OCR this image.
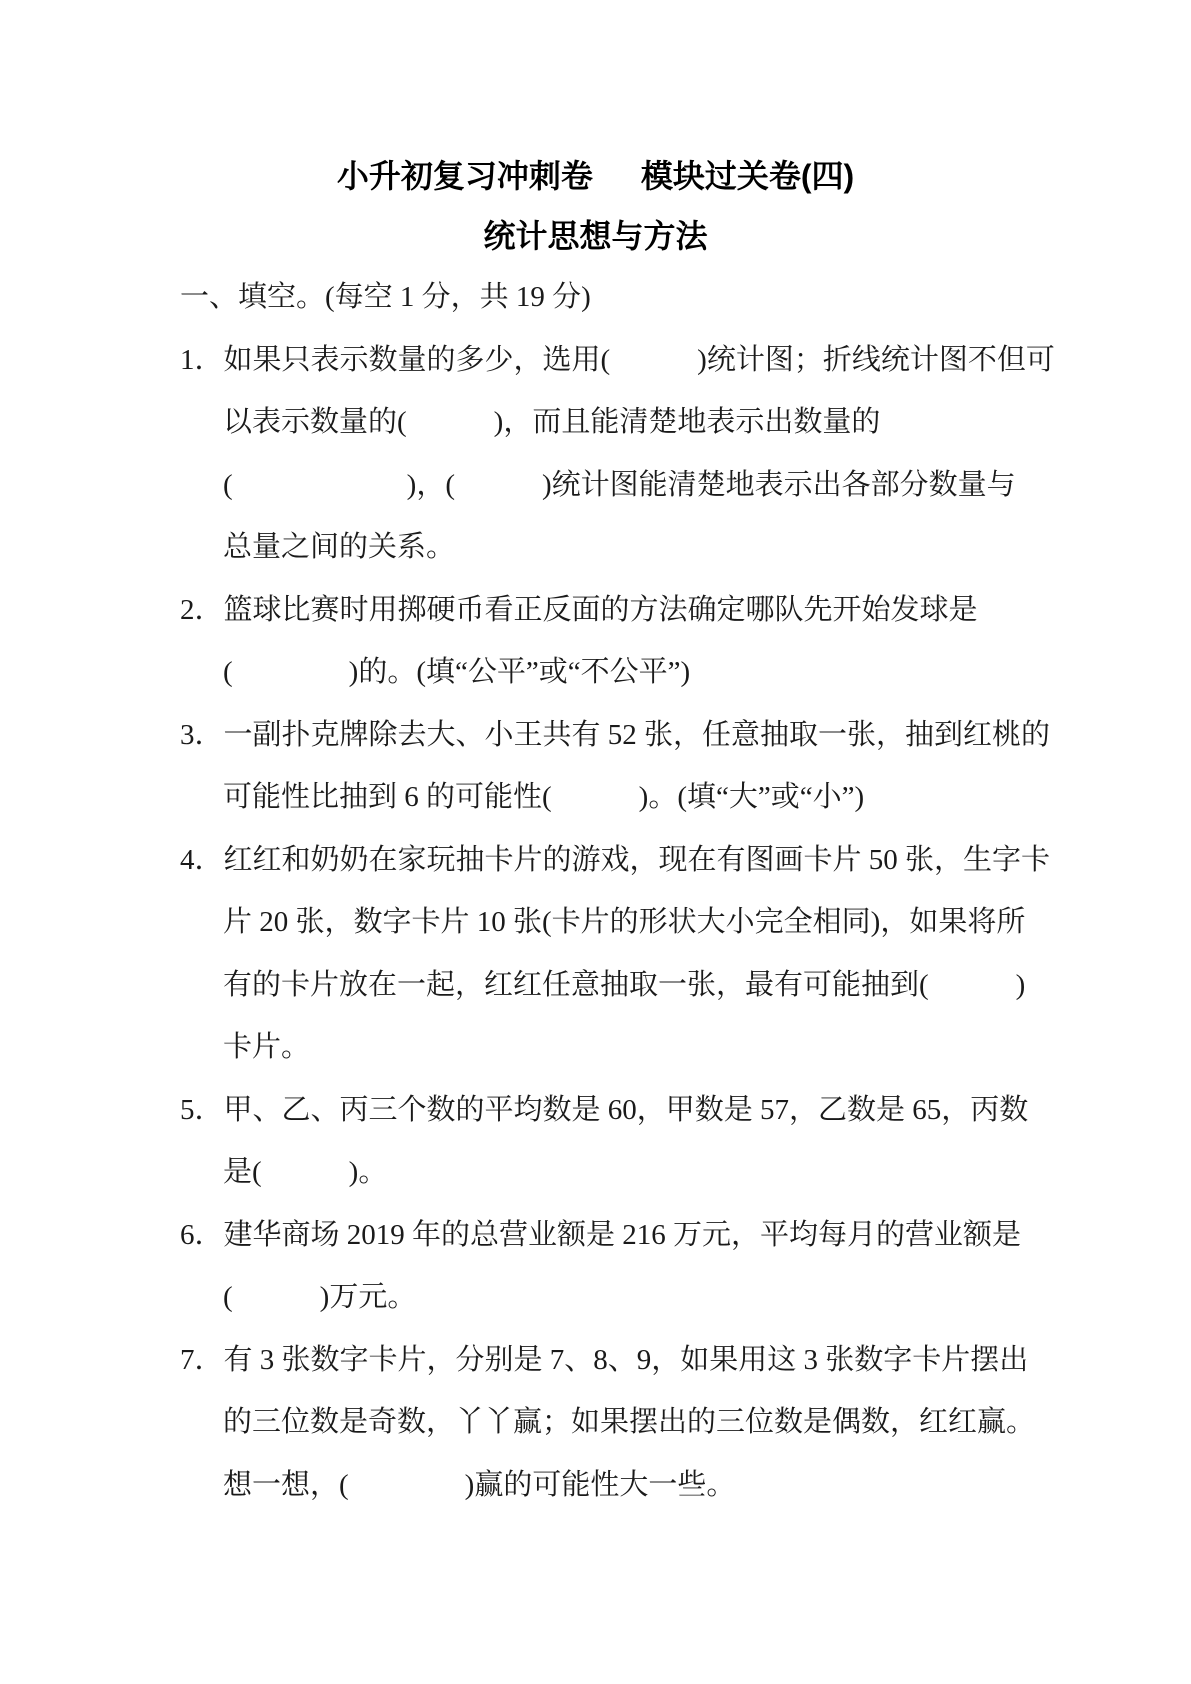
小升初复习冲刺卷 模块过关卷(四)
统计思想与方法
一、填空。(每空 1 分，共 19 分)
1．如果只表示数量的多少，选用(　　　)统计图；折线统计图不但可
以表示数量的(　　　)，而且能清楚地表示出数量的
(　　　　　　)，(　　　)统计图能清楚地表示出各部分数量与
总量之间的关系。
2．篮球比赛时用掷硬币看正反面的方法确定哪队先开始发球是
(　　　　)的。(填“公平”或“不公平”)
3．一副扑克牌除去大、小王共有 52 张，任意抽取一张，抽到红桃的
可能性比抽到 6 的可能性(　　　)。(填“大”或“小”)
4．红红和奶奶在家玩抽卡片的游戏，现在有图画卡片 50 张，生字卡
片 20 张，数字卡片 10 张(卡片的形状大小完全相同)，如果将所
有的卡片放在一起，红红任意抽取一张，最有可能抽到(　　　)
卡片。
5．甲、乙、丙三个数的平均数是 60，甲数是 57，乙数是 65，丙数
是(　　　)。
6．建华商场 2019 年的总营业额是 216 万元，平均每月的营业额是
(　　　)万元。
7．有 3 张数字卡片，分别是 7、8、9，如果用这 3 张数字卡片摆出
的三位数是奇数，丫丫赢；如果摆出的三位数是偶数，红红赢。
想一想，(　　　　)赢的可能性大一些。
